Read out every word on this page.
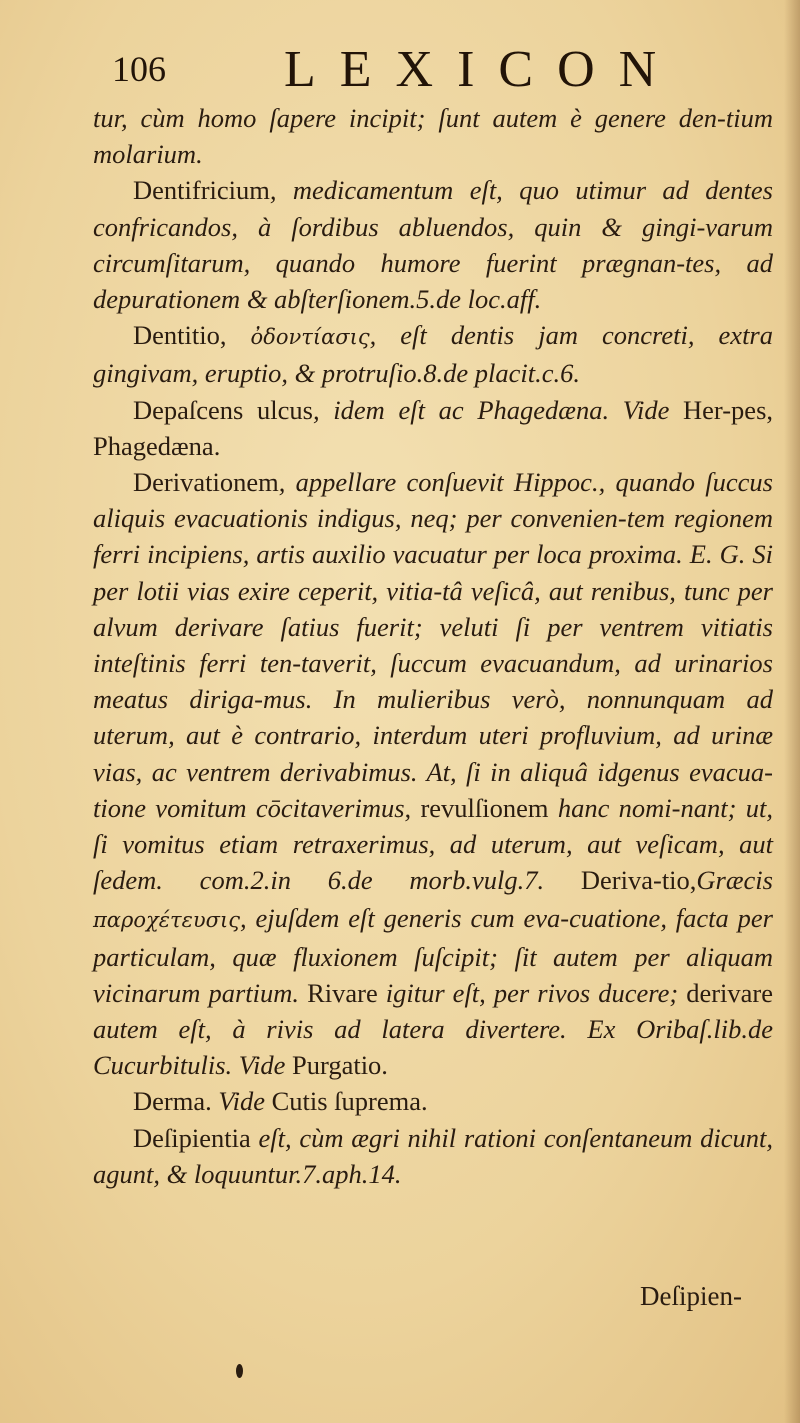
106 LEXICON

tur, cùm homo ſapere incipit; ſunt autem è genere den-tium molarium.

Dentifricium, medicamentum eſt, quo utimur ad dentes confricandos, à ſordibus abluendos, quin & gingi-varum circumſitarum, quando humore fuerint prægnan-tes, ad depurationem & abſterſionem.5.de loc.aff.

Dentitio, ὀδοντίασις, eſt dentis jam concreti, extra gingivam, eruptio, & protruſio.8.de placit.c.6.

Depaſcens ulcus, idem eſt ac Phagedæna. Vide Her-pes, Phagedæna.

Derivationem, appellare conſuevit Hippoc., quando ſuccus aliquis evacuationis indigus, neq; per convenien-tem regionem ferri incipiens, artis auxilio vacuatur per loca proxima. E. G. Si per lotii vias exire ceperit, vitia-tâ veſicâ, aut renibus, tunc per alvum derivare ſatius fuerit; veluti ſi per ventrem vitiatis inteſtinis ferri ten-taverit, ſuccum evacuandum, ad urinarios meatus diriga-mus. In mulieribus verò, nonnunquam ad uterum, aut è contrario, interdum uteri profluvium, ad urinæ vias, ac ventrem derivabimus. At, ſi in aliquâ idgenus evacua-tione vomitum cōcitaverimus, revulſionem hanc nomi-nant; ut, ſi vomitus etiam retraxerimus, ad uterum, aut veſicam, aut ſedem. com.2.in 6.de morb.vulg.7. Deriva-tio,Græcis παροχέτευσις, ejuſdem eſt generis cum eva-cuatione, facta per particulam, quæ fluxionem ſuſcipit; ſit autem per aliquam vicinarum partium. Rivare igitur eſt, per rivos ducere; derivare autem eſt, à rivis ad latera divertere. Ex Oribaſ.lib.de Cucurbitulis. Vide Purgatio.

Derma. Vide Cutis ſuprema.

Deſipientia eſt, cùm ægri nihil rationi conſentaneum dicunt, agunt, & loquuntur.7.aph.14.

Deſipien-
